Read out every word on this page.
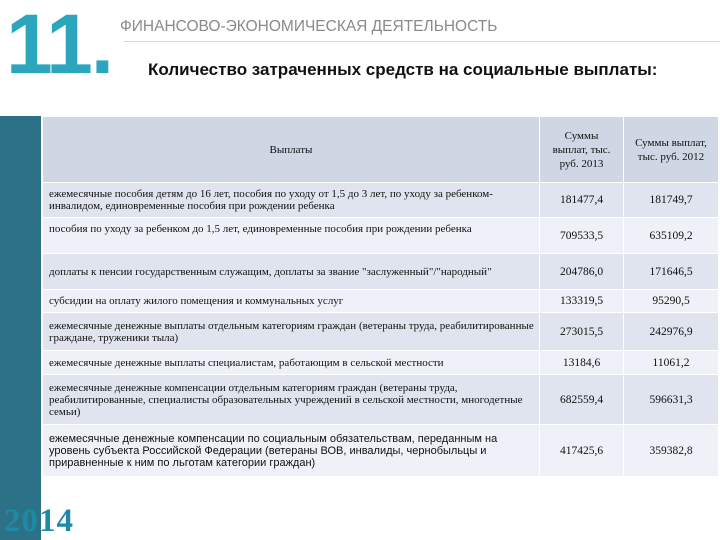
11. ФИНАНСОВО-ЭКОНОМИЧЕСКАЯ ДЕЯТЕЛЬНОСТЬ
Количество затраченных средств на социальные выплаты:
2014
Выплаты	Суммы выплат, тыс. руб. 2013	Суммы выплат, тыс. руб. 2012
ежемесячные пособия детям до 16 лет, пособия по уходу от 1,5 до 3 лет, по уходу за ребенком-инвалидом, единовременные пособия при рождении ребенка	181477,4	181749,7
пособия по уходу за ребенком до 1,5 лет, единовременные пособия при рождении ребенка	709533,5	635109,2
доплаты к пенсии государственным служащим, доплаты за звание "заслуженный"/"народный"	204786,0	171646,5
субсидии на оплату жилого помещения и коммунальных услуг	133319,5	95290,5
ежемесячные денежные выплаты отдельным категориям граждан (ветераны труда, реабилитированные граждане, труженики тыла)	273015,5	242976,9
ежемесячные денежные выплаты специалистам, работающим в сельской местности	13184,6	11061,2
ежемесячные денежные компенсации отдельным категориям граждан (ветераны труда, реабилитированные, специалисты образовательных учреждений в сельской местности, многодетные семьи)	682559,4	596631,3
ежемесячные денежные компенсации по социальным обязательствам, переданным на уровень субъекта Российской Федерации (ветераны ВОВ, инвалиды, чернобыльцы и приравненные к ним по льготам категории граждан)	417425,6	359382,8
